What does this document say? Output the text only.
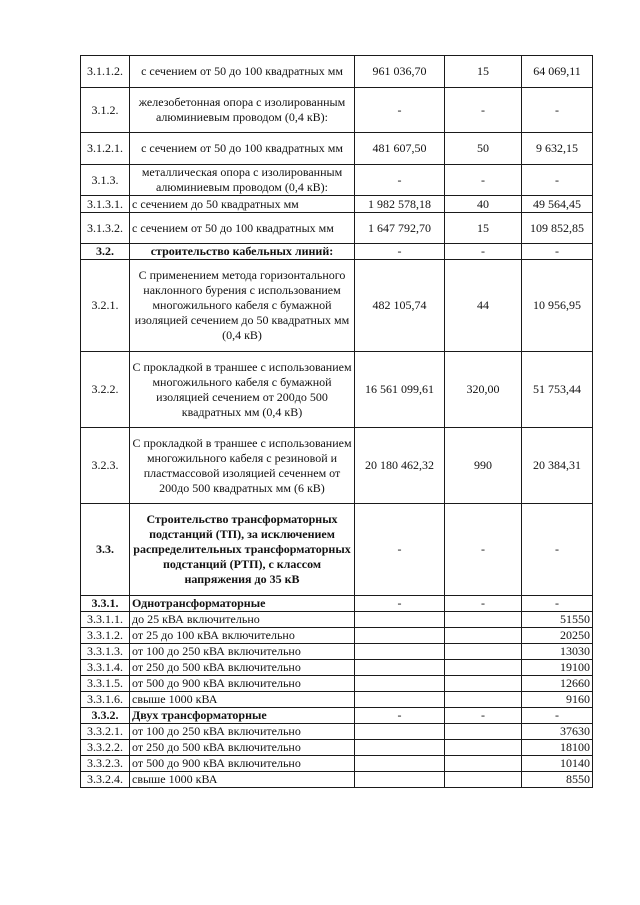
3.1.1.2.	с сечением от 50 до 100 квадратных мм	961 036,70	15	64 069,11
3.1.2.	железобетонная опора с изолированным алюминиевым проводом (0,4 кВ):	-	-	-
3.1.2.1.	с сечением от 50 до 100 квадратных мм	481 607,50	50	9 632,15
3.1.3.	металлическая опора с изолированным алюминиевым проводом (0,4 кВ):	-	-	-
3.1.3.1.	с сечением до 50 квадратных мм	1 982 578,18	40	49 564,45
3.1.3.2.	с сечением от 50 до 100 квадратных мм	1 647 792,70	15	109 852,85
3.2.	строительство кабельных линий:	-	-	-
3.2.1.	С применением метода горизонтального наклонного бурения с использованием многожильного кабеля с бумажной изоляцией сечением до 50 квадратных мм (0,4 кВ)	482 105,74	44	10 956,95
3.2.2.	С прокладкой в траншее с использованием многожильного кабеля с бумажной изоляцией сечением от 200до 500 квадратных мм (0,4 кВ)	16 561 099,61	320,00	51 753,44
3.2.3.	С прокладкой в траншее с использованием многожильного кабеля с резиновой и пластмассовой изоляцией сеченнем от 200до 500 квадратных мм (6 кВ)	20 180 462,32	990	20 384,31
3.3.	Строительство трансформаторных подстанций (ТП), за исключением распределительных трансформаторных подстанций (РТП), с классом напряжения до 35 кВ	-	-	-
3.3.1.	Однотрансформаторные	-	-	-
3.3.1.1.	до 25 кВА включительно			51550
3.3.1.2.	от 25 до 100 кВА включительно			20250
3.3.1.3.	от 100 до 250 кВА включительно			13030
3.3.1.4.	от 250 до 500 кВА включительно			19100
3.3.1.5.	от 500 до 900 кВА включительно			12660
3.3.1.6.	свыше 1000 кВА			9160
3.3.2.	Двух трансформаторные	-	-	-
3.3.2.1.	от 100 до 250 кВА включительно			37630
3.3.2.2.	от 250 до 500 кВА включительно			18100
3.3.2.3.	от 500 до 900 кВА включительно			10140
3.3.2.4.	свыше 1000 кВА			8550
